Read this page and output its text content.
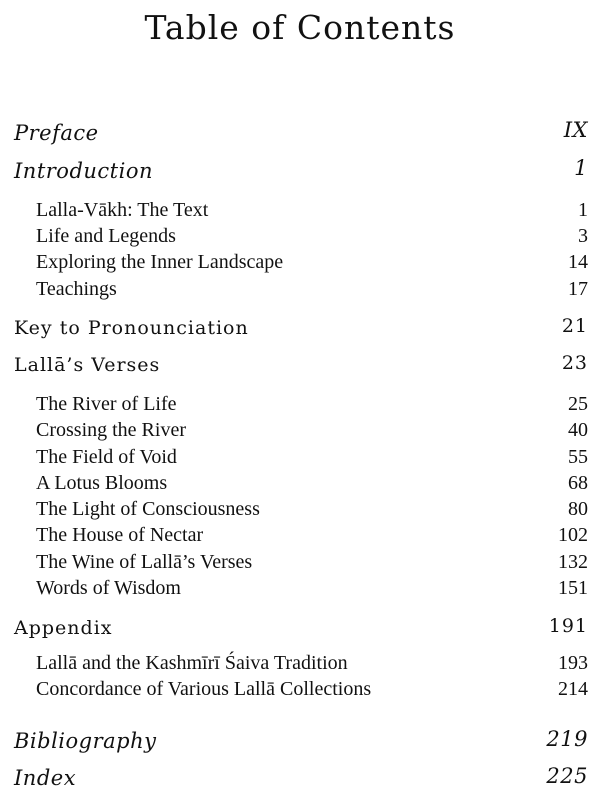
Table of Contents
Preface	IX
Introduction	1
Lalla-Vākh: The Text	1
Life and Legends	3
Exploring the Inner Landscape	14
Teachings	17
Key to Pronounciation	21
Lallā’s Verses	23
The River of Life	25
Crossing the River	40
The Field of Void	55
A Lotus Blooms	68
The Light of Consciousness	80
The House of Nectar	102
The Wine of Lallā’s Verses	132
Words of Wisdom	151
Appendix	191
Lallā and the Kashmīrī Śaiva Tradition	193
Concordance of Various Lallā Collections	214
Bibliography	219
Index	225
